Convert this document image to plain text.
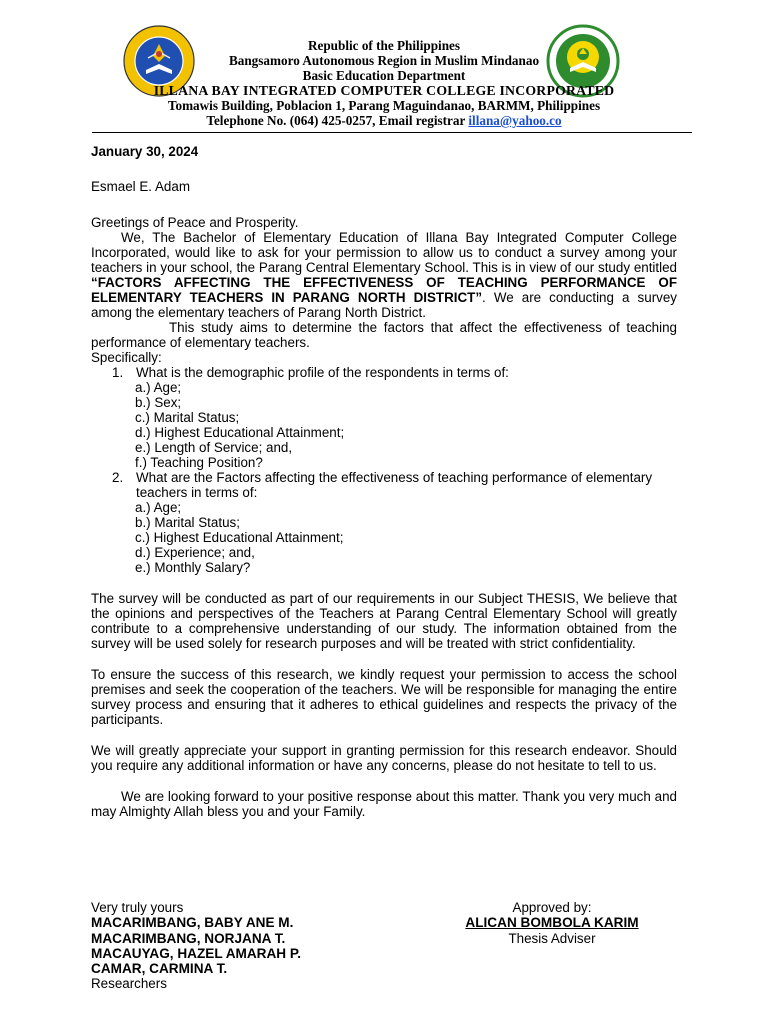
Republic of the Philippines
Bangsamoro Autonomous Region in Muslim Mindanao
Basic Education Department
ILLANA BAY INTEGRATED COMPUTER COLLEGE INCORPORATED
Tomawis Building, Poblacion 1, Parang Maguindanao, BARMM, Philippines
Telephone No. (064) 425-0257, Email registrar illana@yahoo.co

January 30, 2024

Esmael E. Adam

Greetings of Peace and Prosperity.

We, The Bachelor of Elementary Education of Illana Bay Integrated Computer College Incorporated, would like to ask for your permission to allow us to conduct a survey among your teachers in your school, the Parang Central Elementary School. This is in view of our study entitled “FACTORS AFFECTING THE EFFECTIVENESS OF TEACHING PERFORMANCE OF ELEMENTARY TEACHERS IN PARANG NORTH DISTRICT”. We are conducting a survey among the elementary teachers of Parang North District.

This study aims to determine the factors that affect the effectiveness of teaching performance of elementary teachers.

Specifically:

1. What is the demographic profile of the respondents in terms of:

a.) Age;

b.) Sex;

c.) Marital Status;

d.) Highest Educational Attainment;

e.) Length of Service; and,

f.) Teaching Position?

2. What are the Factors affecting the effectiveness of teaching performance of elementary teachers in terms of:

a.) Age;

b.) Marital Status;

c.) Highest Educational Attainment;

d.) Experience; and,

e.) Monthly Salary?

The survey will be conducted as part of our requirements in our Subject THESIS, We believe that the opinions and perspectives of the Teachers at Parang Central Elementary School will greatly contribute to a comprehensive understanding of our study. The information obtained from the survey will be used solely for research purposes and will be treated with strict confidentiality.

To ensure the success of this research, we kindly request your permission to access the school premises and seek the cooperation of the teachers. We will be responsible for managing the entire survey process and ensuring that it adheres to ethical guidelines and respects the privacy of the participants.

We will greatly appreciate your support in granting permission for this research endeavor. Should you require any additional information or have any concerns, please do not hesitate to tell to us.

We are looking forward to your positive response about this matter. Thank you very much and may Almighty Allah bless you and your Family.

Very truly yours
MACARIMBANG, BABY ANE M.
MACARIMBANG, NORJANA T.
MACAUYAG, HAZEL AMARAH P.
CAMAR, CARMINA T.
Researchers
Approved by:
ALICAN BOMBOLA KARIM
Thesis Adviser
